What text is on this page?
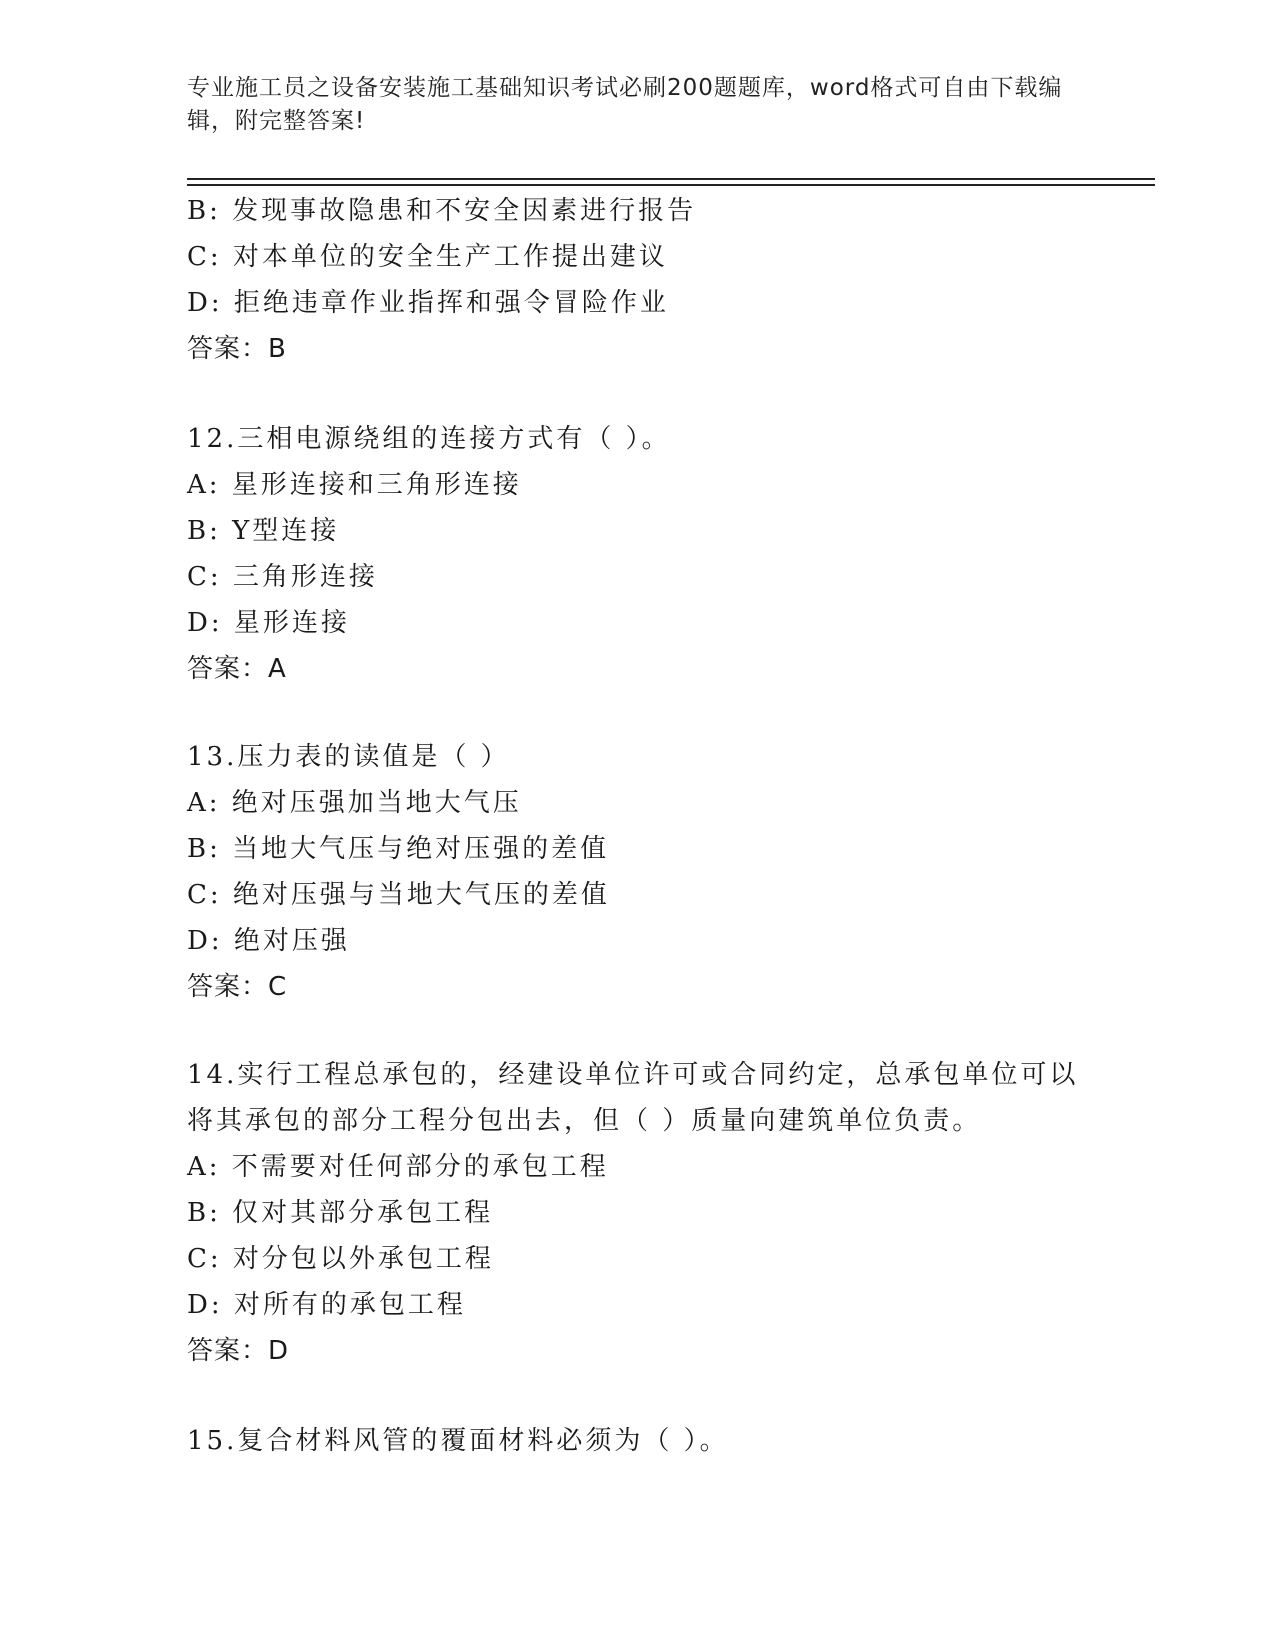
专业施工员之设备安装施工基础知识考试必刷200题题库，word格式可自由下载编辑，附完整答案!
B: 发现事故隐患和不安全因素进行报告
C: 对本单位的安全生产工作提出建议
D: 拒绝违章作业指挥和强令冒险作业
答案：B
12.三相电源绕组的连接方式有（ ）。
A: 星形连接和三角形连接
B: Y型连接
C: 三角形连接
D: 星形连接
答案：A
13.压力表的读值是（ ）
A: 绝对压强加当地大气压
B: 当地大气压与绝对压强的差值
C: 绝对压强与当地大气压的差值
D: 绝对压强
答案：C
14.实行工程总承包的，经建设单位许可或合同约定，总承包单位可以将其承包的部分工程分包出去，但（ ）质量向建筑单位负责。
A: 不需要对任何部分的承包工程
B: 仅对其部分承包工程
C: 对分包以外承包工程
D: 对所有的承包工程
答案：D
15.复合材料风管的覆面材料必须为（ ）。
